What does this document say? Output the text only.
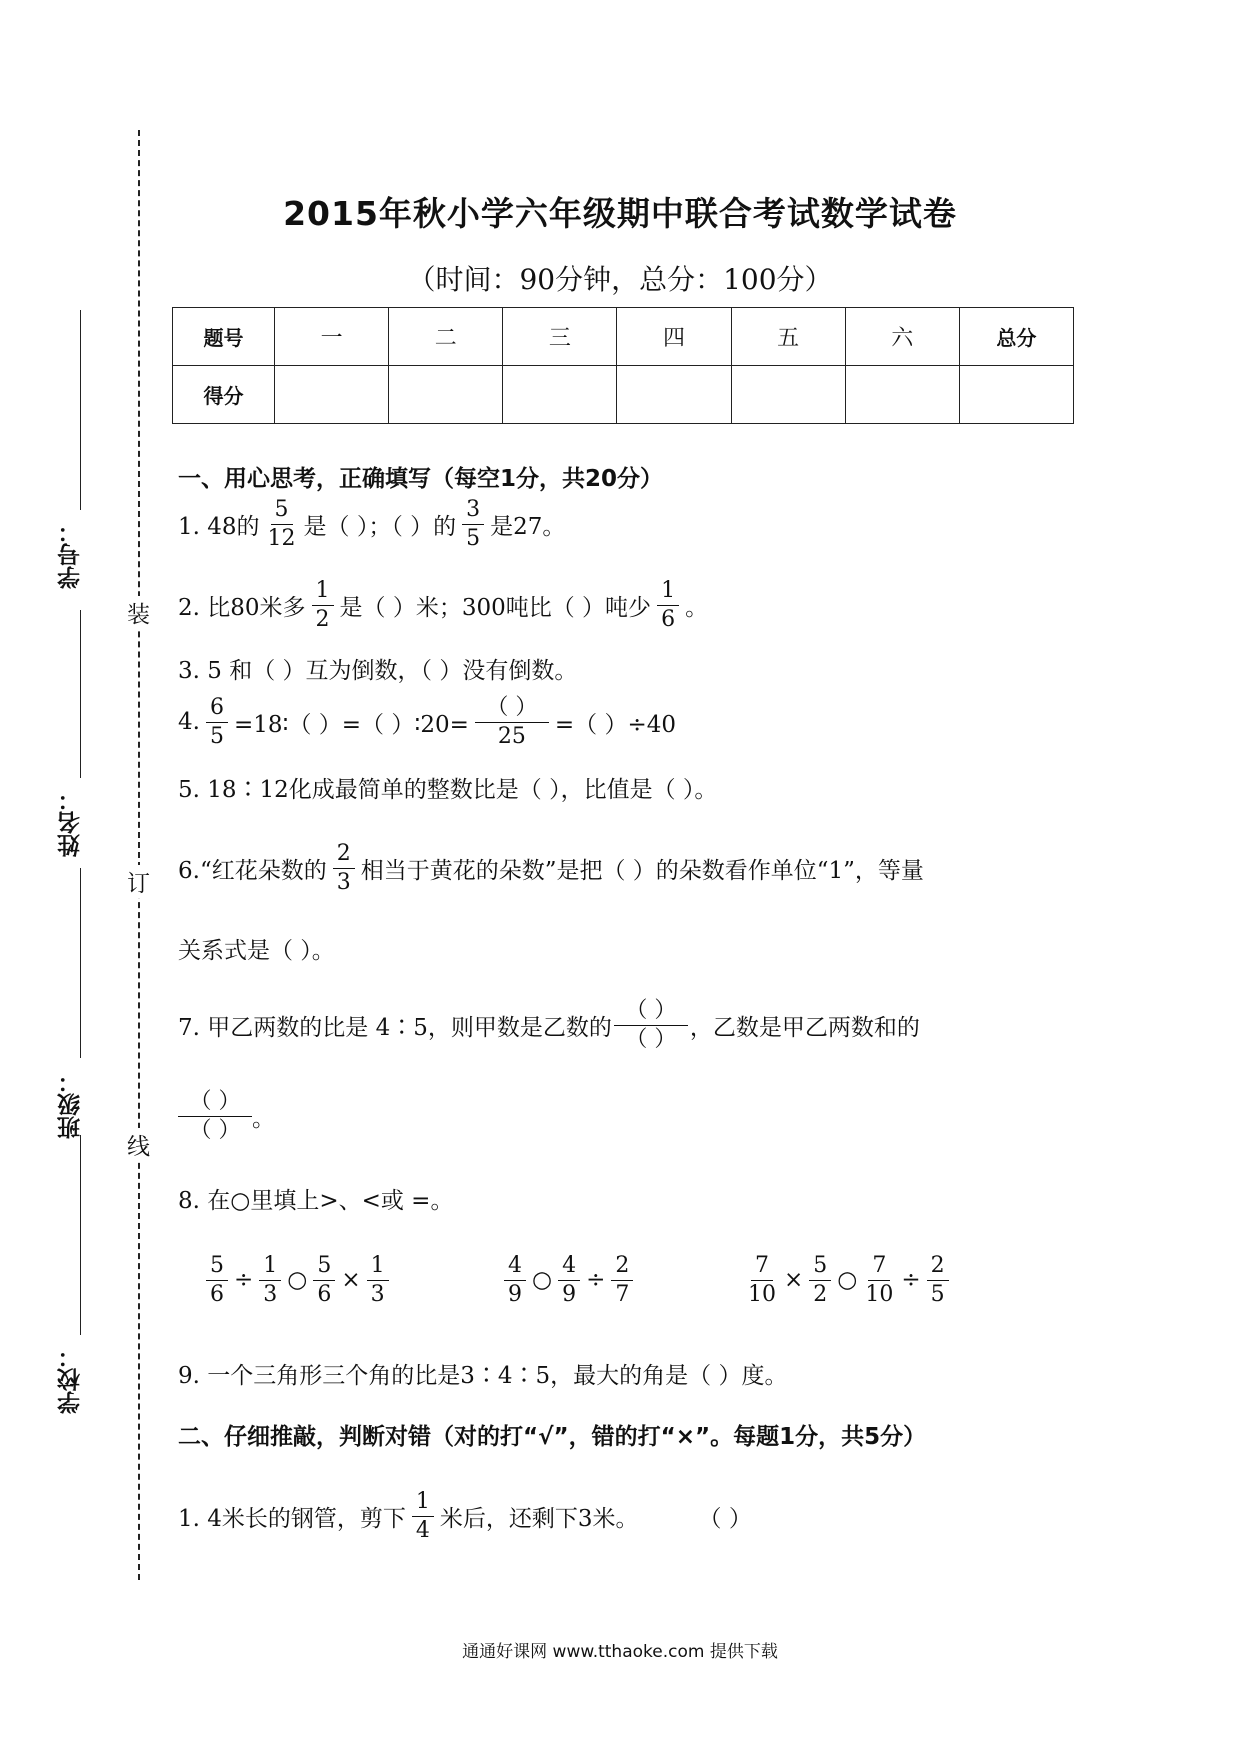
装
订
线
学号：
姓名：
班级：
学校：
2015年秋小学六年级期中联合考试数学试卷
（时间：90分钟，总分：100分）
题号	一	二	三	四	五	六	总分
得分							
一、用心思考，正确填写（每空1分，共20分）
1. 48的 $\frac{5}{12}$ 是（ ）；（ ）的 $\frac{3}{5}$ 是27。
2. 比80米多 $\frac{1}{2}$ 是（ ）米；300吨比（ ）吨少 $\frac{1}{6}$ 。
3. 5 和（ ）互为倒数，（ ）没有倒数。
4. $\frac{6}{5}$ =18∶（ ）=（ ）∶20= $\frac{( )}{25}$ =（ ）÷40
5. 18∶12化成最简单的整数比是（ ），比值是（ ）。
6.“红花朵数的 $\frac{2}{3}$ 相当于黄花的朵数”是把（ ）的朵数看作单位“1”，等量
关系式是（ ）。
7. 甲乙两数的比是 4∶5，则甲数是乙数的 $\frac{( )}{( )}$ ，乙数是甲乙两数和的
$\frac{( )}{( )}$ 。
8. 在○里填上>、<或 =。
$\frac{5}{6} \div \frac{1}{3}$ ○ $\frac{5}{6} \times \frac{1}{3}$	$\frac{4}{9}$ ○ $\frac{4}{9} \div \frac{2}{7}$	$\frac{7}{10} \times \frac{5}{2}$ ○ $\frac{7}{10} \div \frac{2}{5}$
9. 一个三角形三个角的比是3∶4∶5，最大的角是（ ）度。
二、仔细推敲，判断对错（对的打“√”，错的打“×”。每题1分，共5分）
1. 4米长的钢管，剪下 $\frac{1}{4}$ 米后，还剩下3米。	（ ）
通通好课网 www.tthaoke.com 提供下载
